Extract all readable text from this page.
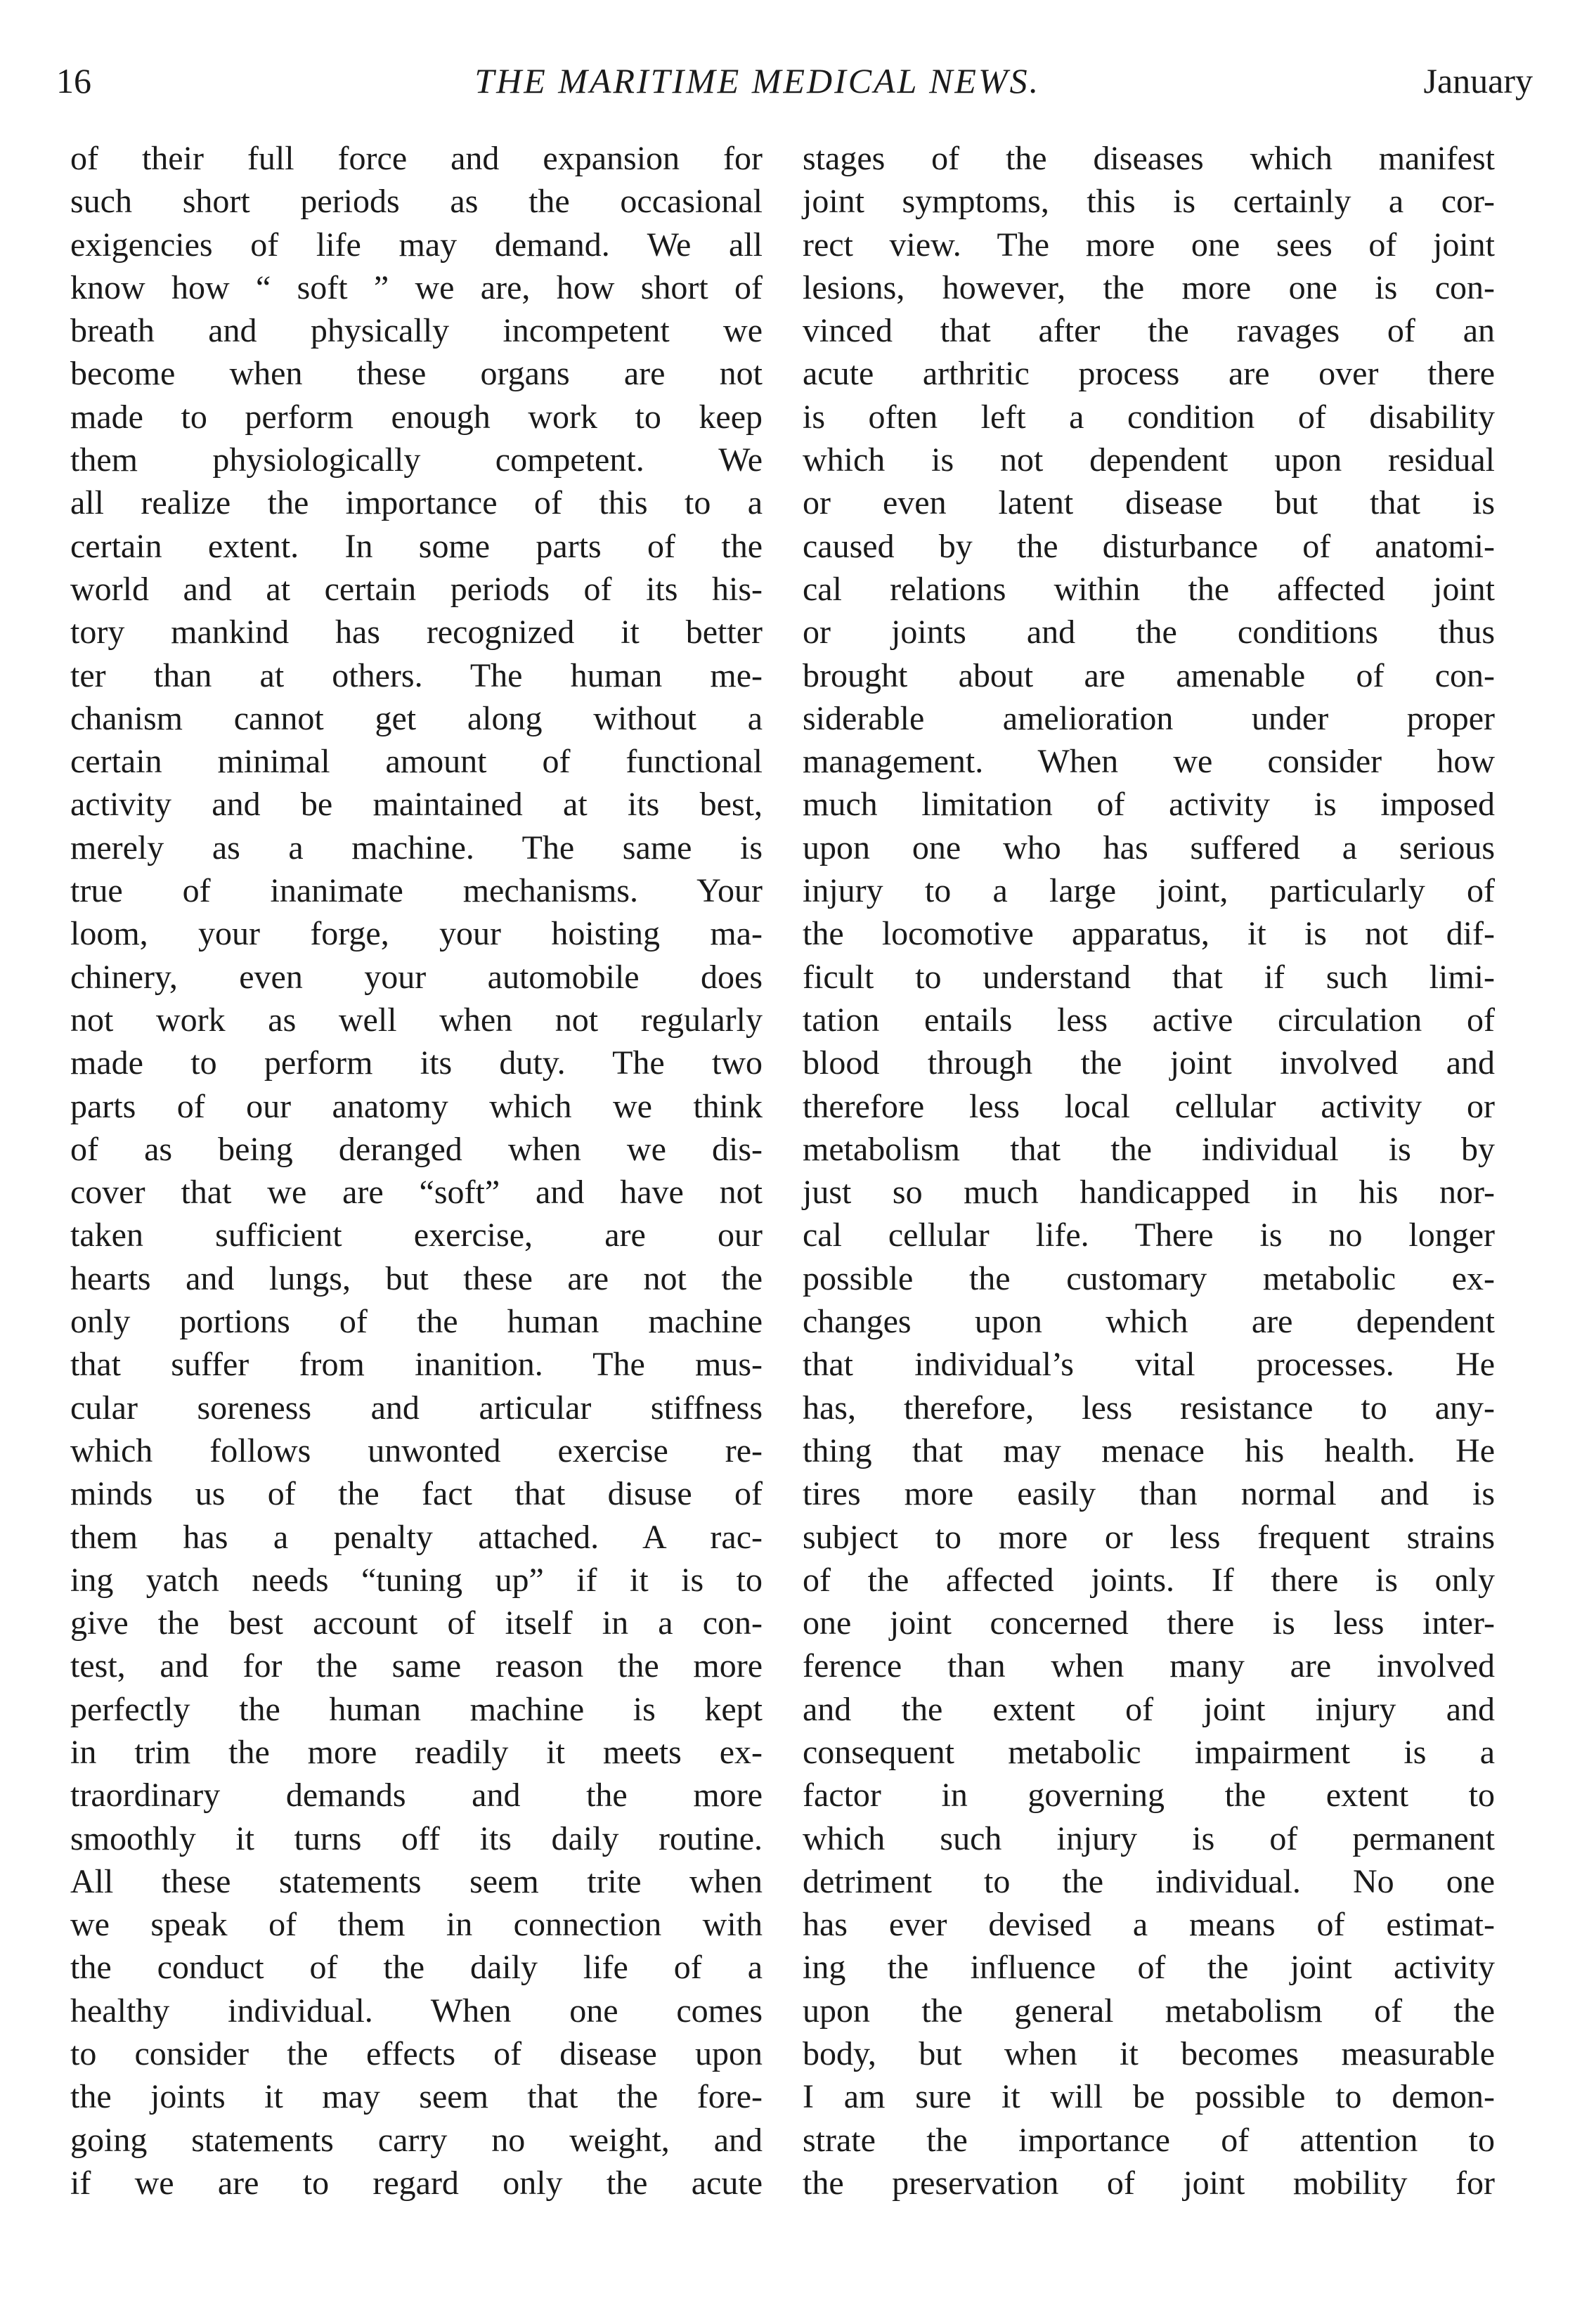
16	THE MARITIME MEDICAL NEWS.	January
of their full force and expansion for
such short periods as the occasional
exigencies of life may demand. We all
know how “ soft ” we are, how short of
breath and physically incompetent we
become when these organs are not
made to perform enough work to keep
them physiologically competent. We
all realize the importance of this to a
certain extent. In some parts of the
world and at certain periods of its his-
tory mankind has recognized it better
ter than at others. The human me-
chanism cannot get along without a
certain minimal amount of functional
activity and be maintained at its best,
merely as a machine. The same is
true of inanimate mechanisms. Your
loom, your forge, your hoisting ma-
chinery, even your automobile does
not work as well when not regularly
made to perform its duty. The two
parts of our anatomy which we think
of as being deranged when we dis-
cover that we are “soft” and have not
taken sufficient exercise, are our
hearts and lungs, but these are not the
only portions of the human machine
that suffer from inanition. The mus-
cular soreness and articular stiffness
which follows unwonted exercise re-
minds us of the fact that disuse of
them has a penalty attached. A rac-
ing yatch needs “tuning up” if it is to
give the best account of itself in a con-
test, and for the same reason the more
perfectly the human machine is kept
in trim the more readily it meets ex-
traordinary demands and the more
smoothly it turns off its daily routine.
All these statements seem trite when
we speak of them in connection with
the conduct of the daily life of a
healthy individual. When one comes
to consider the effects of disease upon
the joints it may seem that the fore-
going statements carry no weight, and
if we are to regard only the acute
stages of the diseases which manifest
joint symptoms, this is certainly a cor-
rect view. The more one sees of joint
lesions, however, the more one is con-
vinced that after the ravages of an
acute arthritic process are over there
is often left a condition of disability
which is not dependent upon residual
or even latent disease but that is
caused by the disturbance of anatomi-
cal relations within the affected joint
or joints and the conditions thus
brought about are amenable of con-
siderable amelioration under proper
management. When we consider how
much limitation of activity is imposed
upon one who has suffered a serious
injury to a large joint, particularly of
the locomotive apparatus, it is not dif-
ficult to understand that if such limi-
tation entails less active circulation of
blood through the joint involved and
therefore less local cellular activity or
metabolism that the individual is by
just so much handicapped in his nor-
cal cellular life. There is no longer
possible the customary metabolic ex-
changes upon which are dependent
that individual’s vital processes. He
has, therefore, less resistance to any-
thing that may menace his health. He
tires more easily than normal and is
subject to more or less frequent strains
of the affected joints. If there is only
one joint concerned there is less inter-
ference than when many are involved
and the extent of joint injury and
consequent metabolic impairment is a
factor in governing the extent to
which such injury is of permanent
detriment to the individual. No one
has ever devised a means of estimat-
ing the influence of the joint activity
upon the general metabolism of the
body, but when it becomes measurable
I am sure it will be possible to demon-
strate the importance of attention to
the preservation of joint mobility for
